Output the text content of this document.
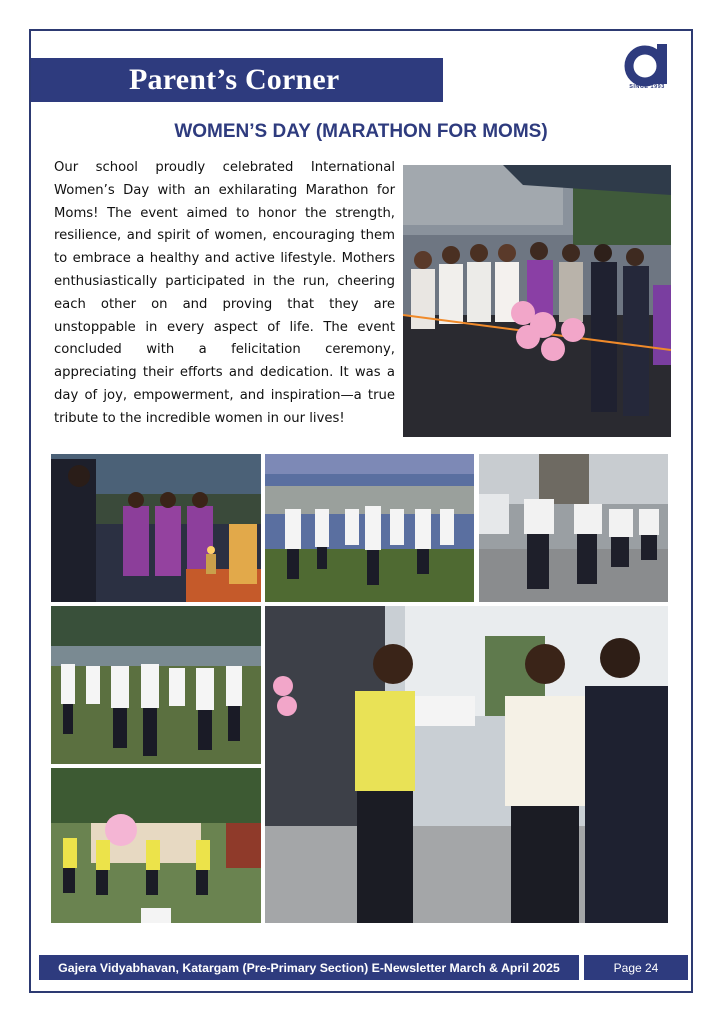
Parent’s Corner	SINCE 1993
WOMEN’S DAY (MARATHON FOR MOMS)

Our school proudly celebrated International Women’s Day with an exhilarating Marathon for Moms! The event aimed to honor the strength, resilience, and spirit of women, encouraging them to embrace a healthy and active lifestyle. Mothers enthusiastically participated in the run, cheering each other on and proving that they are unstoppable in every aspect of life. The event concluded with a felicitation ceremony, appreciating their efforts and dedication. It was a day of joy, empowerment, and inspiration—a true tribute to the incredible women in our lives!

Gajera Vidyabhavan, Katargam (Pre-Primary Section) E-Newsletter March & April 2025	Page 24
